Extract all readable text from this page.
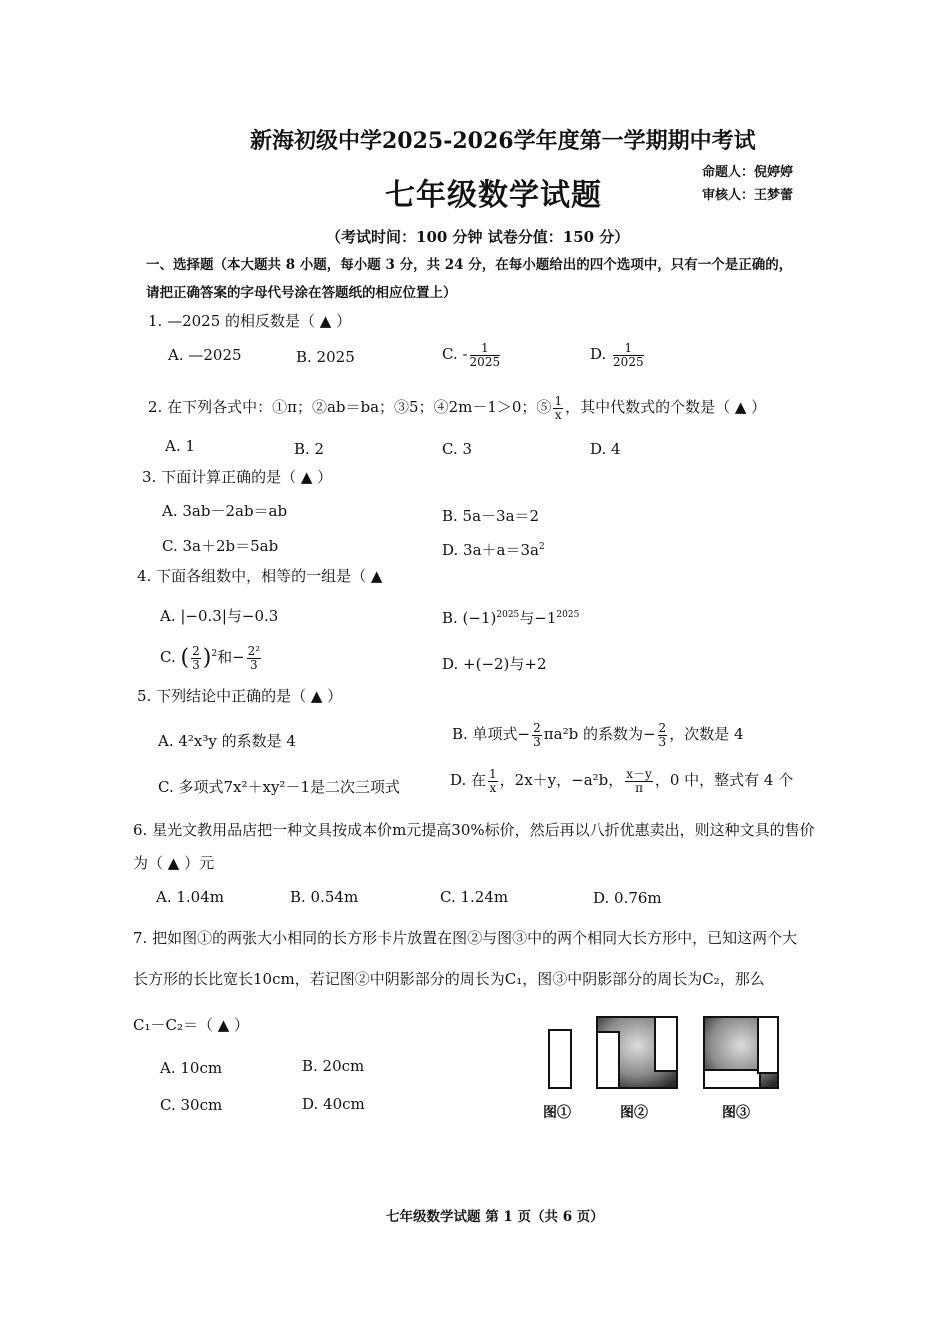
新海初级中学2025-2026学年度第一学期期中考试
七年级数学试题
命题人：倪婷婷
审核人：王梦蕾
（考试时间：100 分钟 试卷分值：150 分）
一、选择题（本大题共 8 小题，每小题 3 分，共 24 分，在每小题给出的四个选项中，只有一个是正确的，
请把正确答案的字母代号涂在答题纸的相应位置上）
1. —2025 的相反数是（ ▲ ）
A. —2025	B. 2025	C. - $\frac{1}{2025}$	D. $\frac{1}{2025}$
2. 在下列各式中：①π；②ab＝ba；③5；④2m－1＞0；⑤ $\frac{1}{x}$ ，其中代数式的个数是（ ▲ ）
A. 1	B. 2	C. 3	D. 4
3. 下面计算正确的是（ ▲ ）
A. 3ab－2ab＝ab	B. 5a－3a＝2
C. 3a＋2b＝5ab	D. $3a+a=3a^2$
4. 下面各组数中，相等的一组是（ ▲
A. |−0.3|与−0.3	B. $(-1)^{2025}$与$-1^{2025}$
C. ( $\frac{2}{3} )^2$和− $\frac{\text{2²}}{3}$	D. +(−2)与+2
5. 下列结论中正确的是（ ▲ ）
A. 4²x³y 的系数是 4	B. 单项式− $\frac{2}{3} \pi a^2b$ 的系数为− $\frac{2}{3}$ ，次数是 4
C. 多项式7x²＋xy²－1是二次三项式	D. 在 $\frac{1}{x}$ ，2x＋y，−a²b， $\frac{x-y}{\pi}$ ，0 中，整式有 4 个
6. 星光文教用品店把一种文具按成本价m元提高30%标价，然后再以八折优惠卖出，则这种文具的售价
为（ ▲ ）元
A. 1.04m	B. 0.54m	C. 1.24m	D. 0.76m
7. 把如图①的两张大小相同的长方形卡片放置在图②与图③中的两个相同大长方形中，已知这两个大
长方形的长比宽长10cm，若记图②中阴影部分的周长为C₁，图③中阴影部分的周长为C₂，那么
C₁－C₂＝（ ▲ ）
A. 10cm	B. 20cm
C. 30cm	D. 40cm	图①	图②	图③
七年级数学试题 第 1 页（共 6 页）
